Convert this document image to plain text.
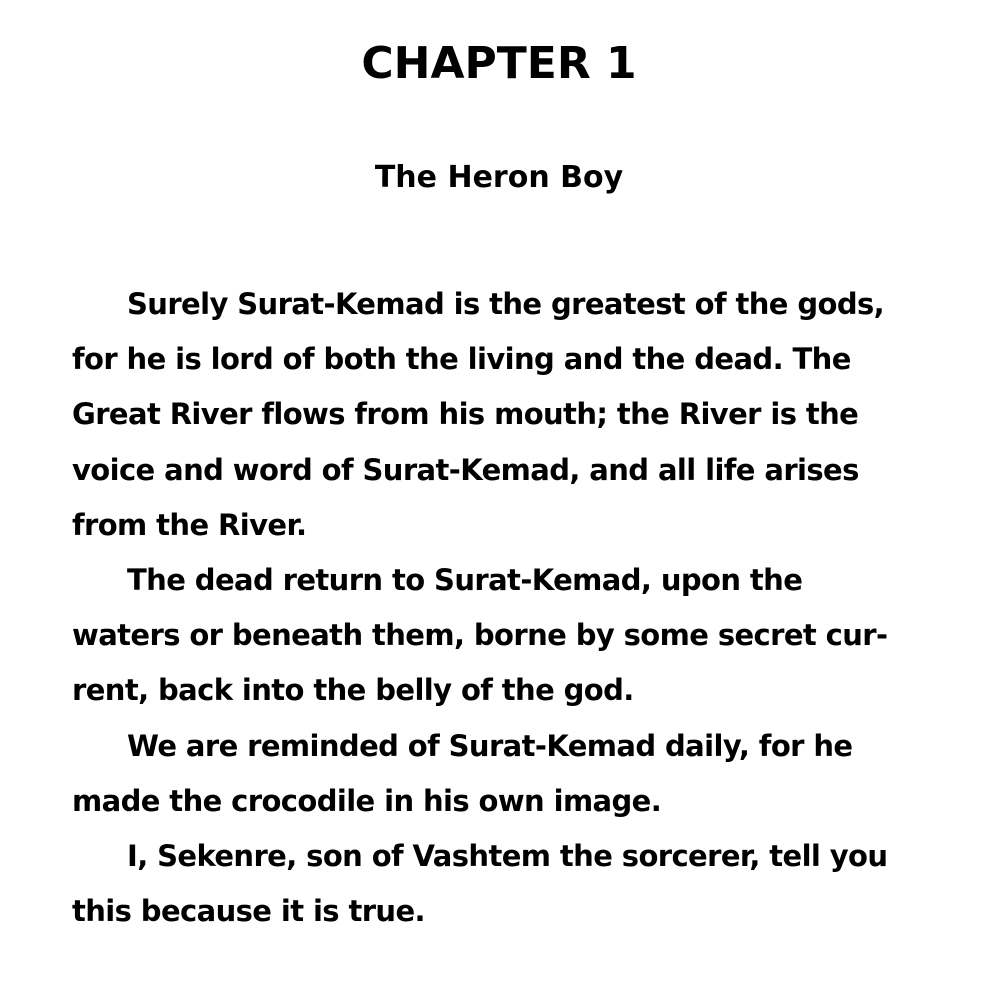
CHAPTER 1
The Heron Boy
Surely Surat-Kemad is the greatest of the gods,
for he is lord of both the living and the dead. The
Great River flows from his mouth; the River is the
voice and word of Surat-Kemad, and all life arises
from the River.
The dead return to Surat-Kemad, upon the
waters or beneath them, borne by some secret cur-
rent, back into the belly of the god.
We are reminded of Surat-Kemad daily, for he
made the crocodile in his own image.
I, Sekenre, son of Vashtem the sorcerer, tell you
this because it is true.
